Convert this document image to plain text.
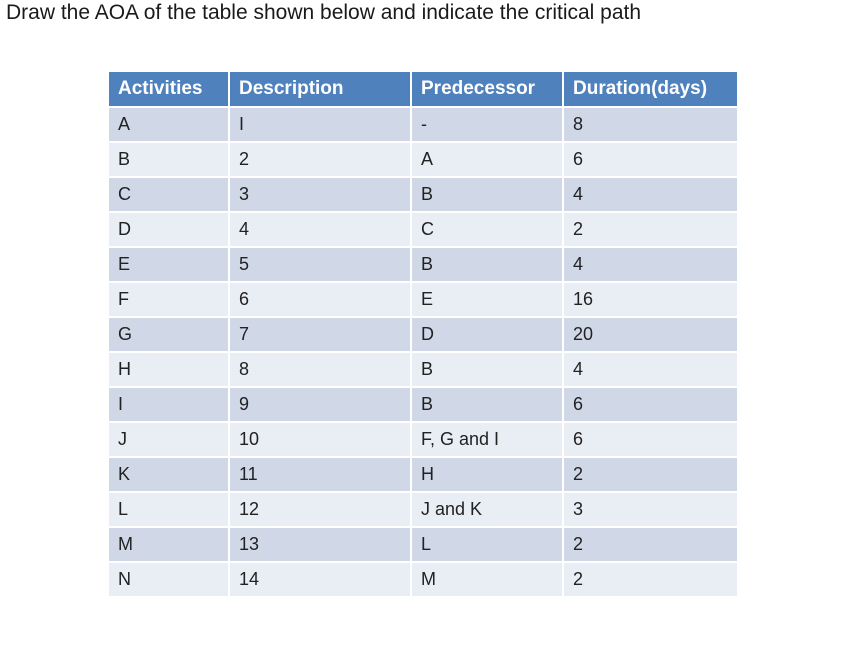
Draw the AOA of the table shown below and indicate the critical path
Activities	Description	Predecessor	Duration(days)
A	I	-	8
B	2	A	6
C	3	B	4
D	4	C	2
E	5	B	4
F	6	E	16
G	7	D	20
H	8	B	4
I	9	B	6
J	10	F, G and I	6
K	11	H	2
L	12	J and K	3
M	13	L	2
N	14	M	2
